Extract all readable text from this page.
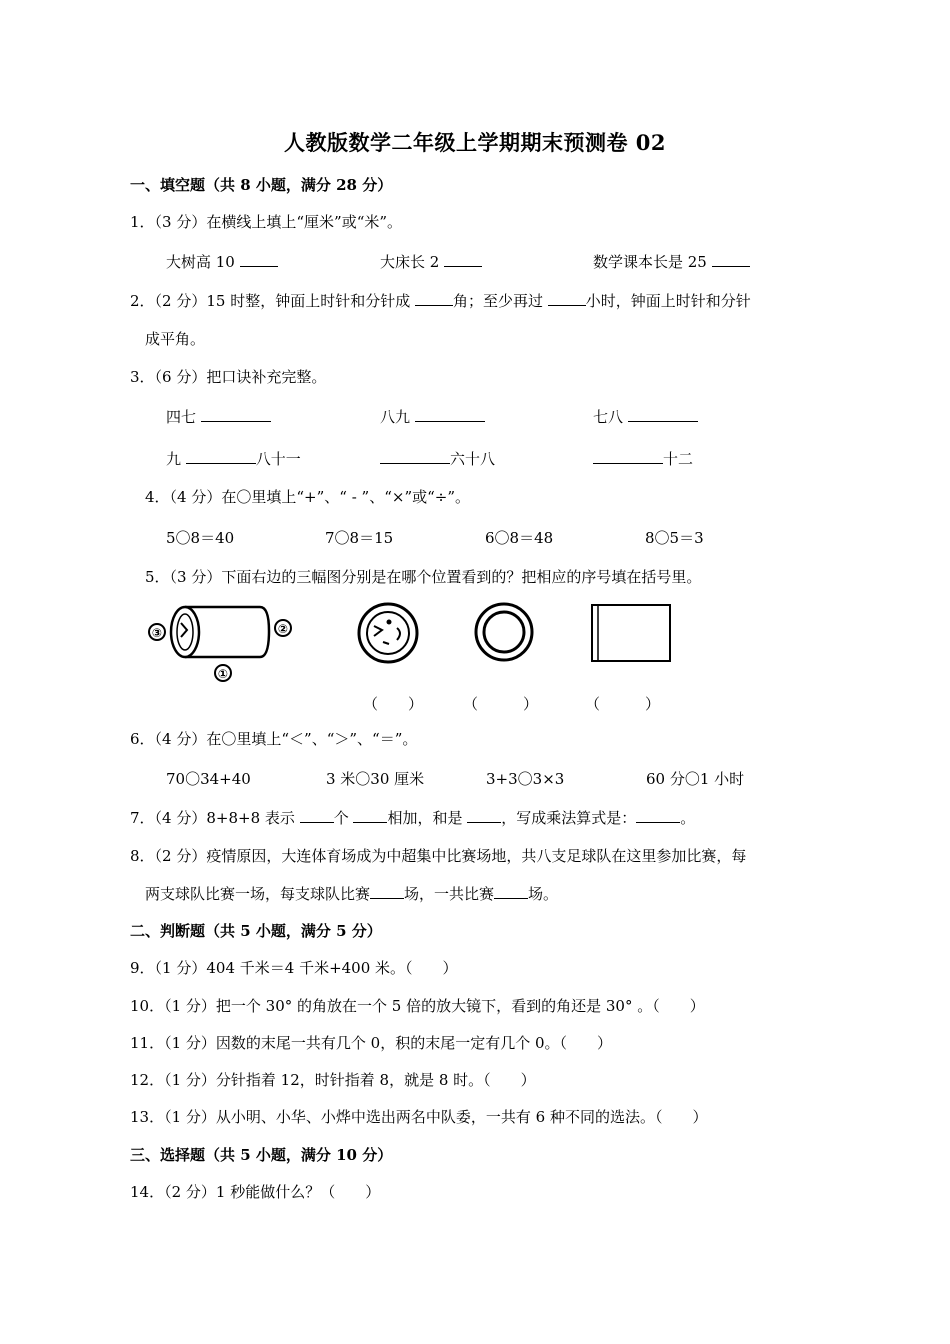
人教版数学二年级上学期期末预测卷 02
一、填空题（共 8 小题，满分 28 分）
1．（3 分）在横线上填上“厘米”或“米”。
大树高 10	大床长 2	数学课本长是 25
2．（2 分）15 时整，钟面上时针和分针成	角；至少再过	小时，钟面上时针和分针
成平角。
3．（6 分）把口诀补充完整。
四七	八九	七八
九	八十一	六十八	十二
4．（4 分）在〇里填上“+”、“ - ”、“×”或“÷”。
5〇8＝40	7〇8＝15	6〇8＝48	8〇5＝3
5．（3 分）下面右边的三幅图分别是在哪个位置看到的？把相应的序号填在括号里。
③	②
①
（　　）	（　　　）	（　　　）
6．（4 分）在〇里填上“＜”、“＞”、“＝”。
70〇34+40	3 米〇30 厘米	3+3〇3×3	60 分〇1 小时
7．（4 分）8+8+8 表示	个	相加，和是	，写成乘法算式是：	。
8．（2 分）疫情原因，大连体育场成为中超集中比赛场地，共八支足球队在这里参加比赛，每
两支球队比赛一场，每支球队比赛 场，一共比赛 场。
二、判断题（共 5 小题，满分 5 分）
9．（1 分）404 千米＝4 千米+400 米。（　　）
10．（1 分）把一个 30° 的角放在一个 5 倍的放大镜下，看到的角还是 30° 。（　　）
11．（1 分）因数的末尾一共有几个 0，积的末尾一定有几个 0。（　　）
12．（1 分）分针指着 12，时针指着 8，就是 8 时。（　　）
13．（1 分）从小明、小华、小烨中选出两名中队委，一共有 6 种不同的选法。（　　）
三、选择题（共 5 小题，满分 10 分）
14．（2 分）1 秒能做什么？（　　）
